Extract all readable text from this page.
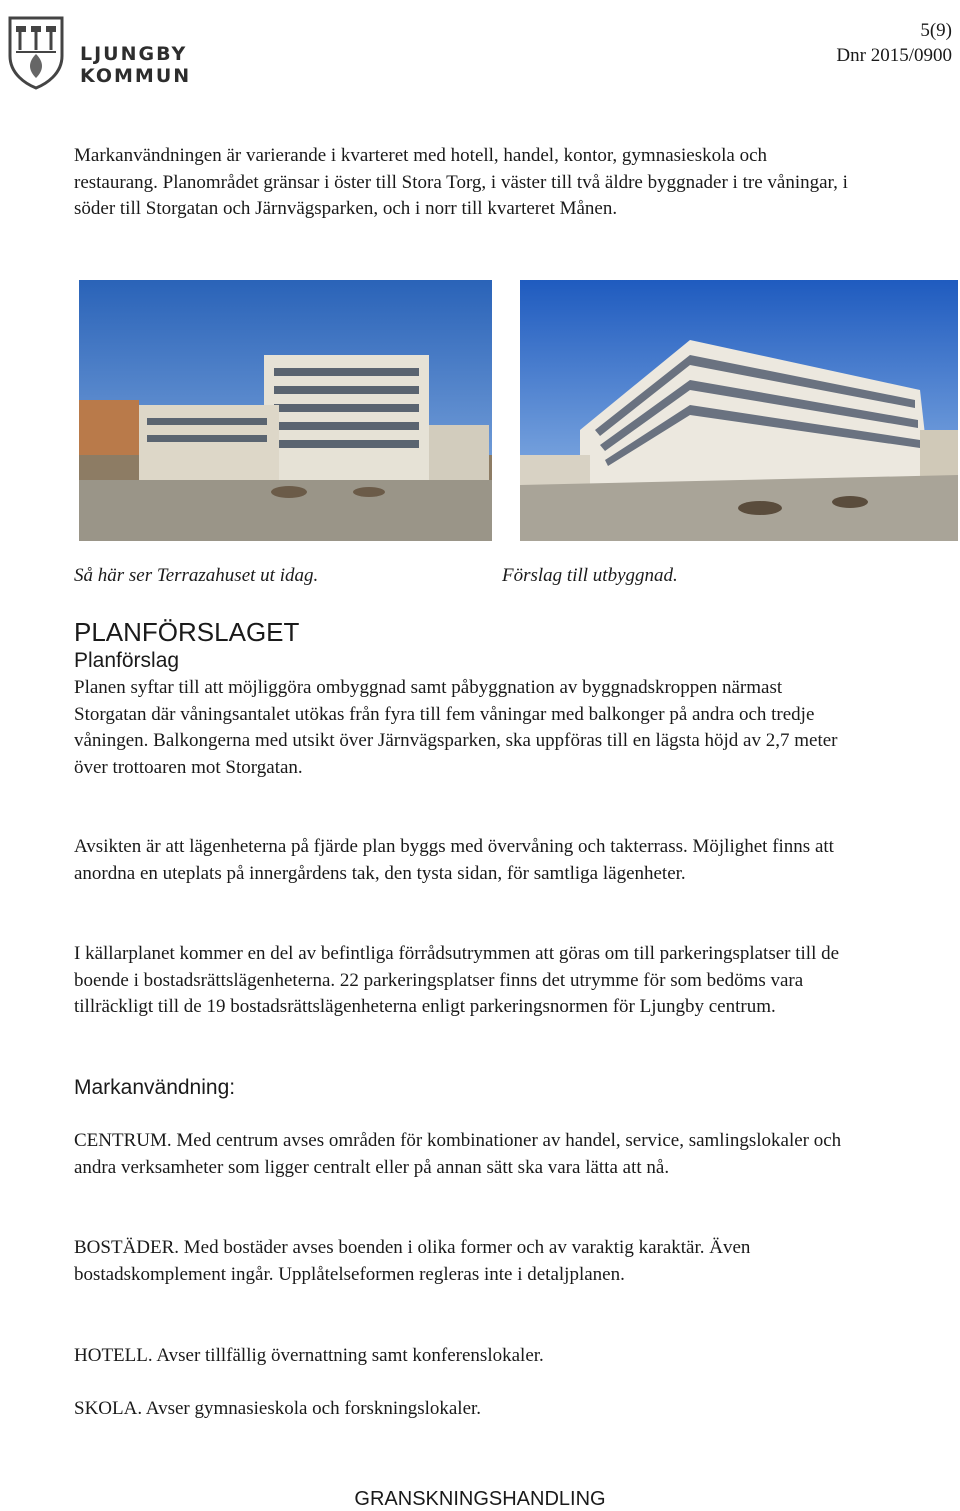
LJUNGBY
KOMMUN
5(9)
Dnr 2015/0900

Markanvändningen är varierande i kvarteret med hotell, handel, kontor, gymnasieskola och restaurang. Planområdet gränsar i öster till Stora Torg, i väster till två äldre byggnader i tre våningar, i söder till Storgatan och Järnvägsparken, och i norr till kvarteret Månen.

Så här ser Terrazahuset ut idag.	Förslag till utbyggnad.
PLANFÖRSLAGET
Planförslag

Planen syftar till att möjliggöra ombyggnad samt påbyggnation av byggnadskroppen närmast Storgatan där våningsantalet utökas från fyra till fem våningar med balkonger på andra och tredje våningen. Balkongerna med utsikt över Järnvägsparken, ska uppföras till en lägsta höjd av 2,7 meter över trottoaren mot Storgatan.

Avsikten är att lägenheterna på fjärde plan byggs med övervåning och takterrass. Möjlighet finns att anordna en uteplats på innergårdens tak, den tysta sidan, för samtliga lägenheter.

I källarplanet kommer en del av befintliga förrådsutrymmen att göras om till parkeringsplatser till de boende i bostadsrättslägenheterna. 22 parkeringsplatser finns det utrymme för som bedöms vara tillräckligt till de 19 bostadsrättslägenheterna enligt parkeringsnormen för Ljungby centrum.

Markanvändning:

CENTRUM. Med centrum avses områden för kombinationer av handel, service, samlingslokaler och andra verksamheter som ligger centralt eller på annan sätt ska vara lätta att nå.

BOSTÄDER. Med bostäder avses boenden i olika former och av varaktig karaktär. Även bostadskomplement ingår. Upplåtelseformen regleras inte i detaljplanen.

HOTELL. Avser tillfällig övernattning samt konferenslokaler.

SKOLA. Avser gymnasieskola och forskningslokaler.

GRANSKNINGSHANDLING
